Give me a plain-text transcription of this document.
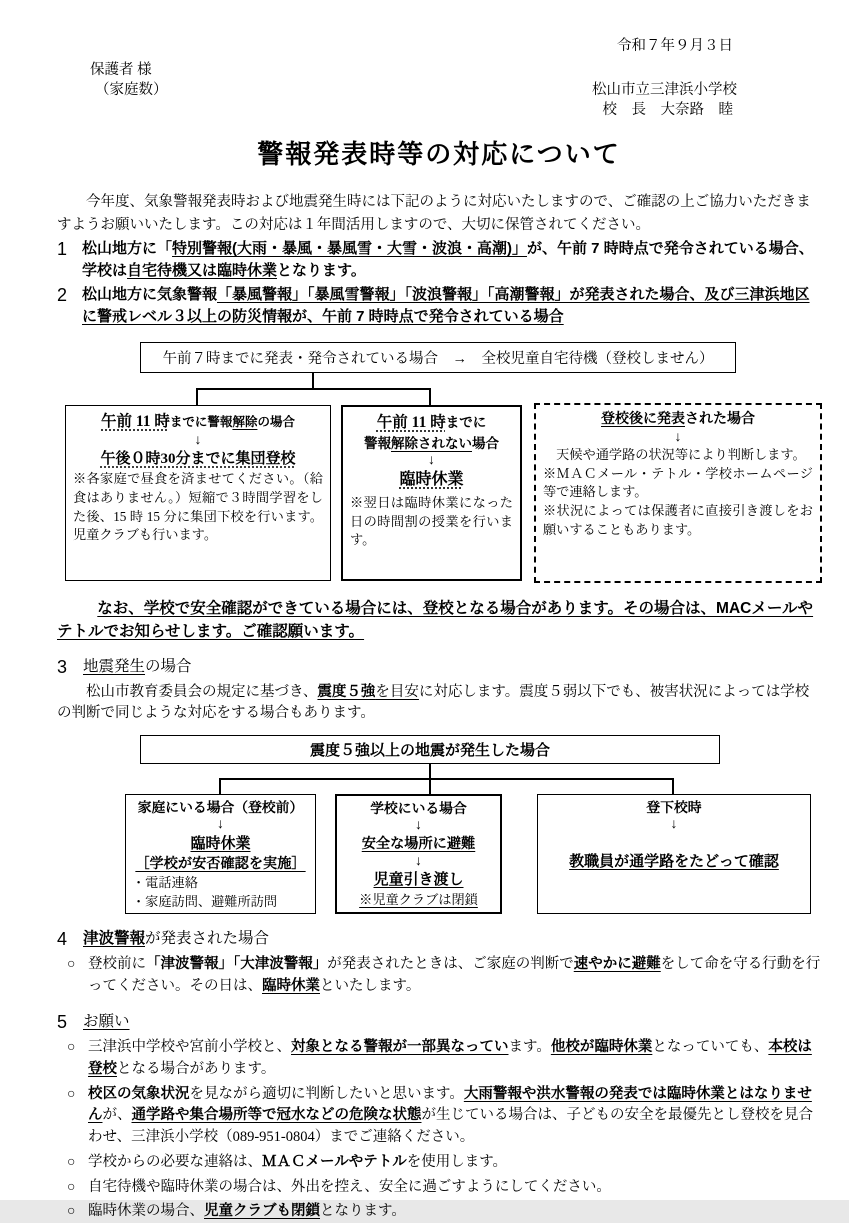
令和７年９月３日
保護者 様
（家庭数）	松山市立三津浜小学校
校　長　大奈路　睦
警報発表時等の対応について

今年度、気象警報発表時および地震発生時には下記のように対応いたしますので、ご確認の上ご協力いただきますようお願いいたします。この対応は１年間活用しますので、大切に保管されてください。

1 松山地方に「特別警報(大雨・暴風・暴風雪・大雪・波浪・高潮)」が、午前 7 時時点で発令されている場合、学校は自宅待機又は臨時休業となります。
2 松山地方に気象警報「暴風警報」「暴風雪警報」「波浪警報」「高潮警報」が発表された場合、及び三津浜地区に警戒レベル３以上の防災情報が、午前 7 時時点で発令されている場合
午前７時までに発表・発令されている場合　→　全校児童自宅待機（登校しません）
午前 11 時までに警報解除の場合
↓
午後０時30分までに集団登校
※各家庭で昼食を済ませてください。（給食はありません。）短縮で３時間学習をした後、15 時 15 分に集団下校を行います。児童クラブも行います。
午前 11 時までに
警報解除されない場合
↓
臨時休業
※翌日は臨時休業になった日の時間割の授業を行います。
登校後に発表された場合
↓
　天候や通学路の状況等により判断します。
※ＭＡＣメール・テトル・学校ホームページ等で連絡します。
※状況によっては保護者に直接引き渡しをお願いすることもあります。

なお、学校で安全確認ができている場合には、登校となる場合があります。その場合は、MACメールやテトルでお知らせします。ご確認願います。

3	地震発生の場合

松山市教育委員会の規定に基づき、震度５強を目安に対応します。震度５弱以下でも、被害状況によっては学校の判断で同じような対応をする場合もあります。

震度５強以上の地震が発生した場合
家庭にいる場合（登校前）
↓
臨時休業
［学校が安否確認を実施］
・電話連絡
・家庭訪問、避難所訪問
学校にいる場合
↓
安全な場所に避難
↓
児童引き渡し
※児童クラブは閉鎖
登下校時
↓
教職員が通学路をたどって確認
4	津波警報が発表された場合
○ 登校前に「津波警報」「大津波警報」が発表されたときは、ご家庭の判断で速やかに避難をして命を守る行動を行ってください。その日は、臨時休業といたします。
5	お願い
○ 三津浜中学校や宮前小学校と、対象となる警報が一部異なっています。他校が臨時休業となっていても、本校は登校となる場合があります。
○ 校区の気象状況を見ながら適切に判断したいと思います。大雨警報や洪水警報の発表では臨時休業とはなりませんが、通学路や集合場所等で冠水などの危険な状態が生じている場合は、子どもの安全を最優先とし登校を見合わせ、三津浜小学校（089-951-0804）までご連絡ください。
○ 学校からの必要な連絡は、ＭＡＣメールやテトルを使用します。
○ 自宅待機や臨時休業の場合は、外出を控え、安全に過ごすようにしてください。
○ 臨時休業の場合、児童クラブも閉鎖となります。
